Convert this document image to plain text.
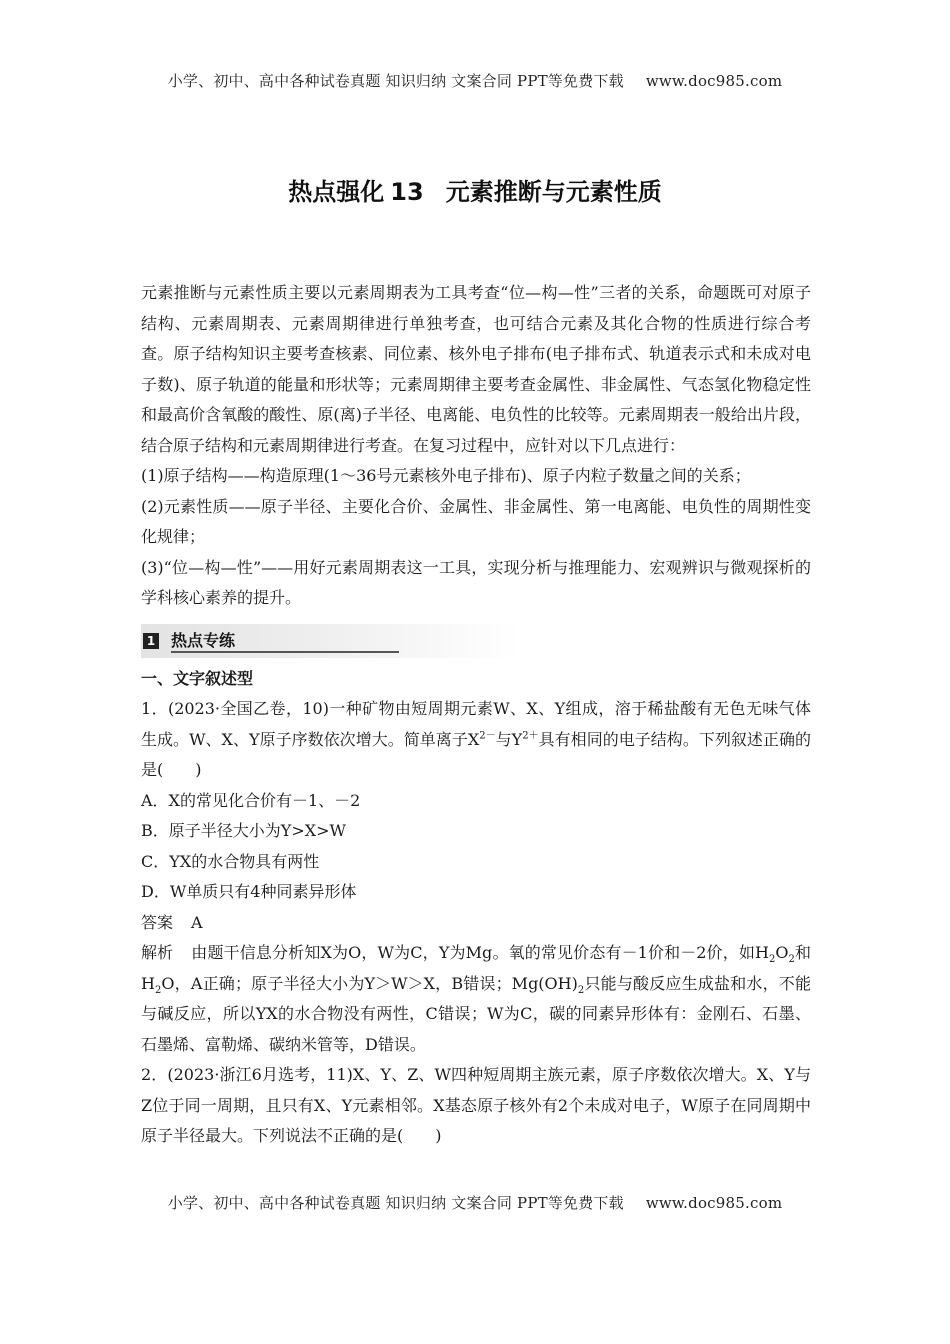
小学、初中、高中各种试卷真题 知识归纳 文案合同 PPT等免费下载 www.doc985.com
热点强化 13 元素推断与元素性质

元素推断与元素性质主要以元素周期表为工具考查“位—构—性”三者的关系，命题既可对原子结构、元素周期表、元素周期律进行单独考查，也可结合元素及其化合物的性质进行综合考查。原子结构知识主要考查核素、同位素、核外电子排布(电子排布式、轨道表示式和未成对电子数)、原子轨道的能量和形状等；元素周期律主要考查金属性、非金属性、气态氢化物稳定性和最高价含氧酸的酸性、原(离)子半径、电离能、电负性的比较等。元素周期表一般给出片段，结合原子结构和元素周期律进行考查。在复习过程中，应针对以下几点进行：

(1)原子结构——构造原理(1～36号元素核外电子排布)、原子内粒子数量之间的关系；

(2)元素性质——原子半径、主要化合价、金属性、非金属性、第一电离能、电负性的周期性变化规律；

(3)“位—构—性”——用好元素周期表这一工具，实现分析与推理能力、宏观辨识与微观探析的学科核心素养的提升。

1 热点专练

一、文字叙述型

1．(2023·全国乙卷，10)一种矿物由短周期元素W、X、Y组成，溶于稀盐酸有无色无味气体生成。W、X、Y原子序数依次增大。简单离子$X^{2-}$与$Y^{2+}$具有相同的电子结构。下列叙述正确的是(　　)

A．X的常见化合价有－1、－2

B．原子半径大小为Y>X>W

C．YX的水合物具有两性

D．W单质只有4种同素异形体

答案 A

解析 由题干信息分析知X为O，W为C，Y为Mg。氧的常见价态有－1价和－2价，如$H_2O_2$和$H_2O$，A正确；原子半径大小为Y＞W＞X，B错误；$Mg(OH)_2$只能与酸反应生成盐和水，不能与碱反应，所以YX的水合物没有两性，C错误；W为C，碳的同素异形体有：金刚石、石墨、石墨烯、富勒烯、碳纳米管等，D错误。

2．(2023·浙江6月选考，11)X、Y、Z、W四种短周期主族元素，原子序数依次增大。X、Y与Z位于同一周期，且只有X、Y元素相邻。X基态原子核外有2个未成对电子，W原子在同周期中原子半径最大。下列说法不正确的是(　　)

小学、初中、高中各种试卷真题 知识归纳 文案合同 PPT等免费下载 www.doc985.com
